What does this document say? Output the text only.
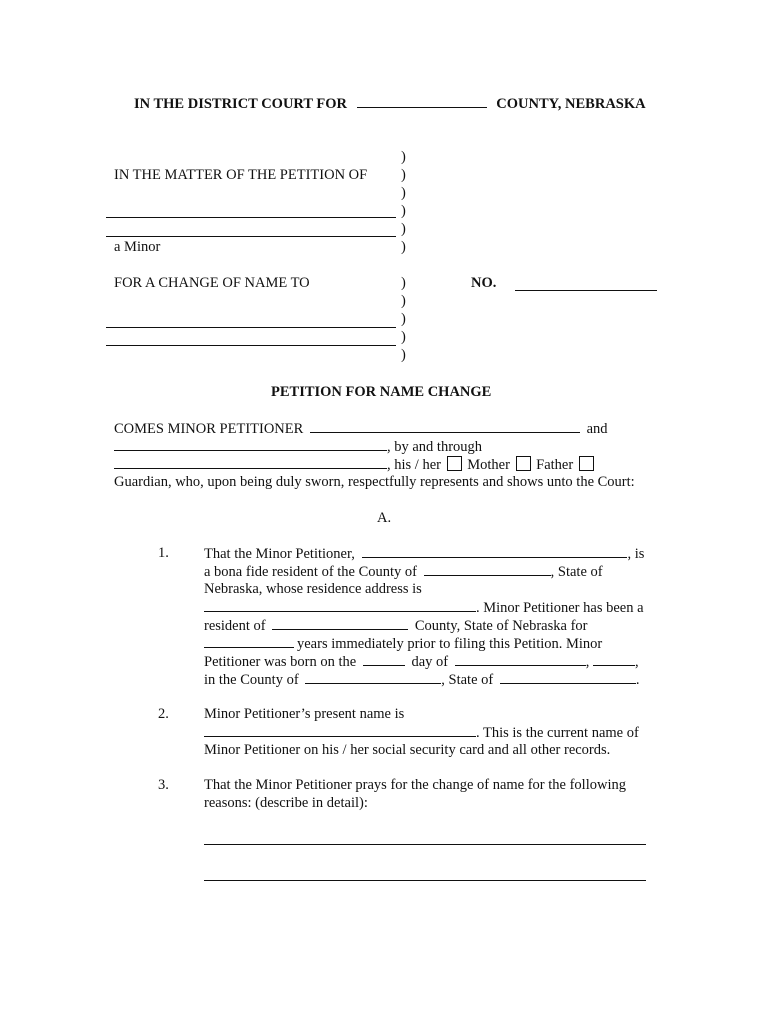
IN THE DISTRICT COURT FOR	COUNTY, NEBRASKA
IN THE MATTER OF THE PETITION OF
a Minor
FOR A CHANGE OF NAME TO
)
)
)
)
)
)
)
)
)
)
)
NO.
PETITION FOR NAME CHANGE
COMES MINOR PETITIONER	and
, by and through
, his / her Mother Father
Guardian, who, upon being duly sworn, respectfully represents and shows unto the Court:
A.
1. That the Minor Petitioner,	, is
a bona fide resident of the County of	, State of
Nebraska, whose residence address is
. Minor Petitioner has been a
resident of	County, State of Nebraska for
years immediately prior to filing this Petition. Minor
Petitioner was born on the	day of	,	,
in the County of	, State of	.
2. Minor Petitioner’s present name is
. This is the current name of
Minor Petitioner on his / her social security card and all other records.
3. That the Minor Petitioner prays for the change of name for the following
reasons: (describe in detail):
